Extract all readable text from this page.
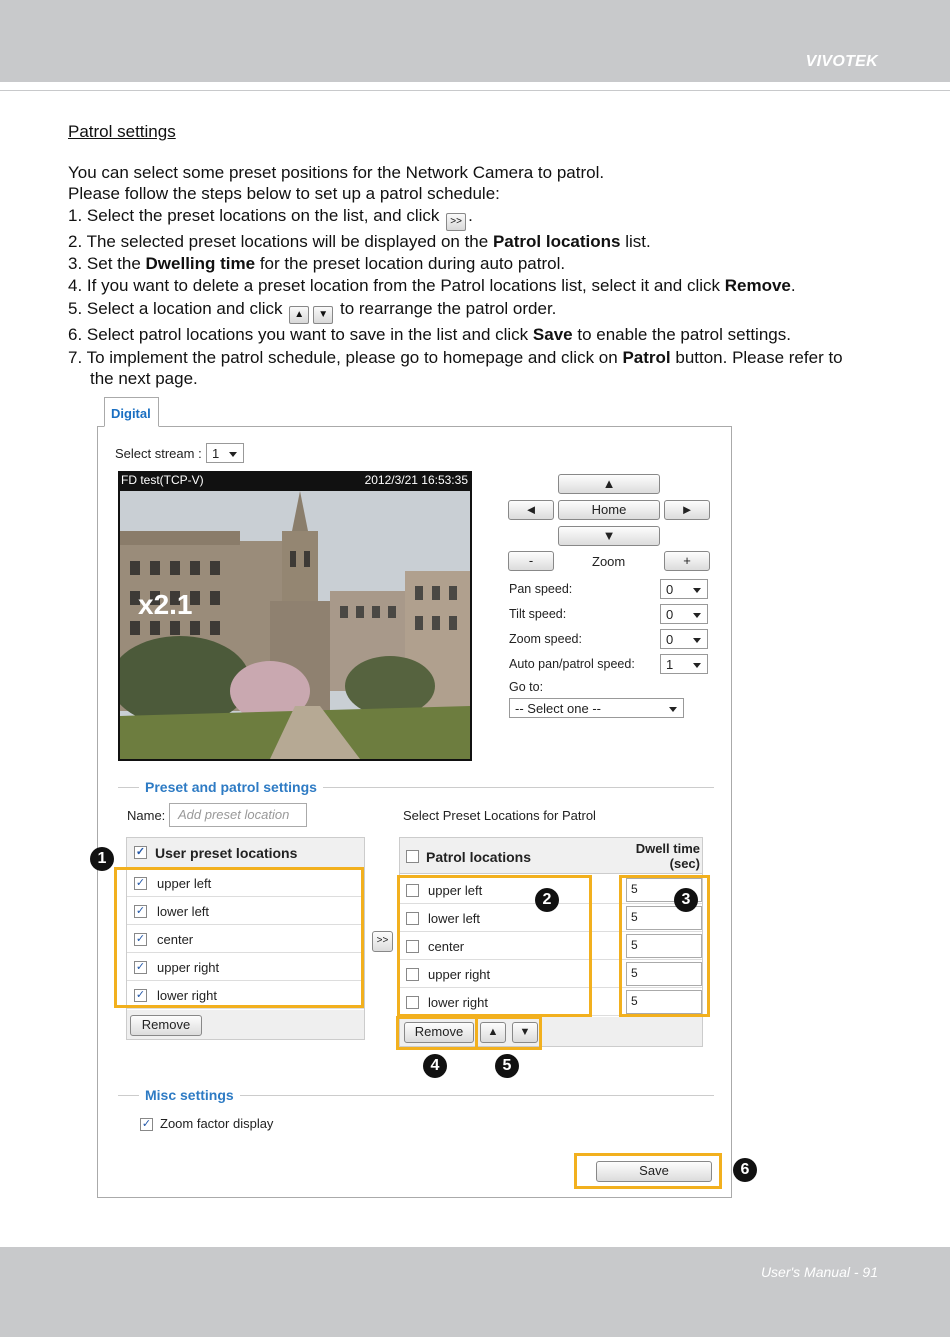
VIVOTEK

Patrol settings

You can select some preset positions for the Network Camera to patrol.

Please follow the steps below to set up a patrol schedule:

1. Select the preset locations on the list, and click >> .

2. The selected preset locations will be displayed on the Patrol locations list.

3. Set the Dwelling time for the preset location during auto patrol.

4. If you want to delete a preset location from the Patrol locations list, select it and click Remove.

5. Select a location and click ▲ ▼ to rearrange the patrol order.

6. Select patrol locations you want to save in the list and click Save to enable the patrol settings.

7. To implement the patrol schedule, please go to homepage and click on Patrol button. Please refer to

the next page.

Digital
Select stream : 1
FD test(TCP-V)	2012/3/21 16:53:35
x2.1
▲
◄	Home	►
▼
-	Zoom	+
Pan speed:	0
Tilt speed:	0
Zoom speed:	0
Auto pan/patrol speed:	1
Go to:
-- Select one --
Preset and patrol settings
Name: Add preset location	Select Preset Locations for Patrol
✓ User preset locations
✓ upper left
✓ lower left
✓ center
✓ upper right
✓ lower right
Remove
>>
Patrol locations
Dwell time
(sec)
upper left	5
lower left	5
center	5
upper right	5
lower right	5
Remove	▲	▼
Misc settings
✓ Zoom factor display
Save
1
2	3
4	5
6
User's Manual - 91
